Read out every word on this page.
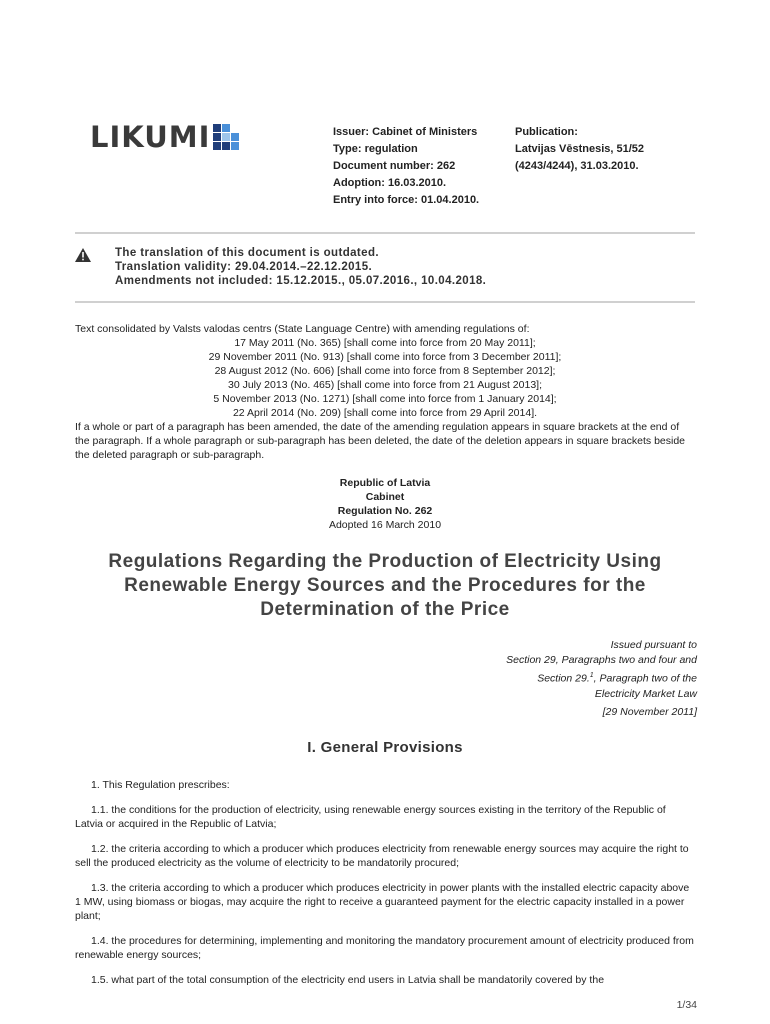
LIKUMI	Issuer: Cabinet of Ministers
Type: regulation
Document number: 262
Adoption: 16.03.2010.
Entry into force: 01.04.2010.
Publication:
Latvijas Vēstnesis, 51/52
(4243/4244), 31.03.2010.
The translation of this document is outdated.
Translation validity: 29.04.2014.–22.12.2015.
Amendments not included: 15.12.2015., 05.07.2016., 10.04.2018.

Text consolidated by Valsts valodas centrs (State Language Centre) with amending regulations of:

17 May 2011 (No. 365) [shall come into force from 20 May 2011];
29 November 2011 (No. 913) [shall come into force from 3 December 2011];
28 August 2012 (No. 606) [shall come into force from 8 September 2012];
30 July 2013 (No. 465) [shall come into force from 21 August 2013];
5 November 2013 (No. 1271) [shall come into force from 1 January 2014];
22 April 2014 (No. 209) [shall come into force from 29 April 2014].

If a whole or part of a paragraph has been amended, the date of the amending regulation appears in square brackets at the end of the paragraph. If a whole paragraph or sub-paragraph has been deleted, the date of the deletion appears in square brackets beside the deleted paragraph or sub-paragraph.

Republic of Latvia
Cabinet
Regulation No. 262
Adopted 16 March 2010
Regulations Regarding the Production of Electricity Using
Renewable Energy Sources and the Procedures for the
Determination of the Price
Issued pursuant to
Section 29, Paragraphs two and four and
Section 29.$^1$, Paragraph two of the
Electricity Market Law
[29 November 2011]
I. General Provisions

1. This Regulation prescribes:

1.1. the conditions for the production of electricity, using renewable energy sources existing in the territory of the Republic of Latvia or acquired in the Republic of Latvia;

1.2. the criteria according to which a producer which produces electricity from renewable energy sources may acquire the right to sell the produced electricity as the volume of electricity to be mandatorily procured;

1.3. the criteria according to which a producer which produces electricity in power plants with the installed electric capacity above 1 MW, using biomass or biogas, may acquire the right to receive a guaranteed payment for the electric capacity installed in a power plant;

1.4. the procedures for determining, implementing and monitoring the mandatory procurement amount of electricity produced from renewable energy sources;

1.5. what part of the total consumption of the electricity end users in Latvia shall be mandatorily covered by the

1/34
